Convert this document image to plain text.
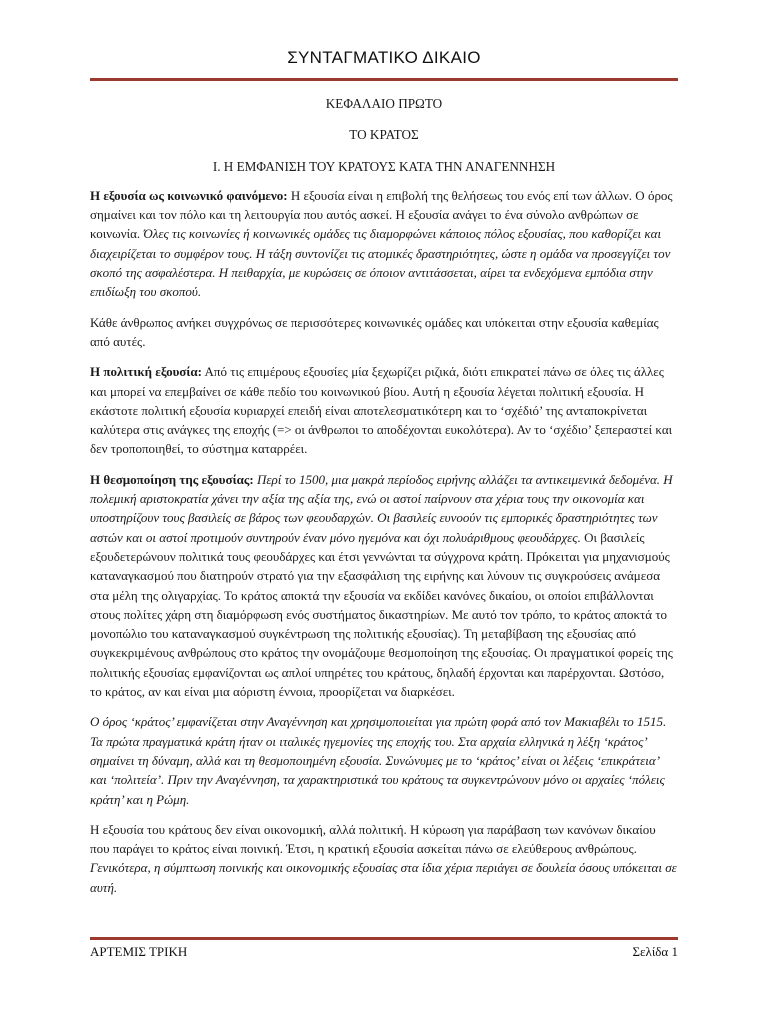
ΣΥΝΤΑΓΜΑΤΙΚΟ ΔΙΚΑΙΟ

ΚΕΦΑΛΑΙΟ ΠΡΩΤΟ

ΤΟ ΚΡΑΤΟΣ

Ι. Η ΕΜΦΑΝΙΣΗ ΤΟΥ ΚΡΑΤΟΥΣ ΚΑΤΑ ΤΗΝ ΑΝΑΓΕΝΝΗΣΗ

Η εξουσία ως κοινωνικό φαινόμενο: Η εξουσία είναι η επιβολή της θελήσεως του ενός επί των άλλων. Ο όρος σημαίνει και τον πόλο και τη λειτουργία που αυτός ασκεί. Η εξουσία ανάγει το ένα σύνολο ανθρώπων σε κοινωνία. Όλες τις κοινωνίες ή κοινωνικές ομάδες τις διαμορφώνει κάποιος πόλος εξουσίας, που καθορίζει και διαχειρίζεται το συμφέρον τους. Η τάξη συντονίζει τις ατομικές δραστηριότητες, ώστε η ομάδα να προσεγγίζει τον σκοπό της ασφαλέστερα. Η πειθαρχία, με κυρώσεις σε όποιον αντιτάσσεται, αίρει τα ενδεχόμενα εμπόδια στην επιδίωξη του σκοπού.

Κάθε άνθρωπος ανήκει συγχρόνως σε περισσότερες κοινωνικές ομάδες και υπόκειται στην εξουσία καθεμίας από αυτές.

Η πολιτική εξουσία: Από τις επιμέρους εξουσίες μία ξεχωρίζει ριζικά, διότι επικρατεί πάνω σε όλες τις άλλες και μπορεί να επεμβαίνει σε κάθε πεδίο του κοινωνικού βίου. Αυτή η εξουσία λέγεται πολιτική εξουσία. Η εκάστοτε πολιτική εξουσία κυριαρχεί επειδή είναι αποτελεσματικότερη και το ‘σχέδιό’ της ανταποκρίνεται καλύτερα στις ανάγκες της εποχής (=> οι άνθρωποι το αποδέχονται ευκολότερα). Αν το ‘σχέδιο’ ξεπεραστεί και δεν τροποποιηθεί, το σύστημα καταρρέει.

Η θεσμοποίηση της εξουσίας: Περί το 1500, μια μακρά περίοδος ειρήνης αλλάζει τα αντικειμενικά δεδομένα. Η πολεμική αριστοκρατία χάνει την αξία της αξία της, ενώ οι αστοί παίρνουν στα χέρια τους την οικονομία και υποστηρίζουν τους βασιλείς σε βάρος των φεουδαρχών. Οι βασιλείς ευνοούν τις εμπορικές δραστηριότητες των αστών και οι αστοί προτιμούν συντηρούν έναν μόνο ηγεμόνα και όχι πολυάριθμους φεουδάρχες. Οι βασιλείς εξουδετερώνουν πολιτικά τους φεουδάρχες και έτσι γεννώνται τα σύγχρονα κράτη. Πρόκειται για μηχανισμούς καταναγκασμού που διατηρούν στρατό για την εξασφάλιση της ειρήνης και λύνουν τις συγκρούσεις ανάμεσα στα μέλη της ολιγαρχίας. Το κράτος αποκτά την εξουσία να εκδίδει κανόνες δικαίου, οι οποίοι επιβάλλονται στους πολίτες χάρη στη διαμόρφωση ενός συστήματος δικαστηρίων. Με αυτό τον τρόπο, το κράτος αποκτά το μονοπώλιο του καταναγκασμού συγκέντρωση της πολιτικής εξουσίας). Τη μεταβίβαση της εξουσίας από συγκεκριμένους ανθρώπους στο κράτος την ονομάζουμε θεσμοποίηση της εξουσίας. Οι πραγματικοί φορείς της πολιτικής εξουσίας εμφανίζονται ως απλοί υπηρέτες του κράτους, δηλαδή έρχονται και παρέρχονται. Ωστόσο, το κράτος, αν και είναι μια αόριστη έννοια, προορίζεται να διαρκέσει.

Ο όρος ‘κράτος’ εμφανίζεται στην Αναγέννηση και χρησιμοποιείται για πρώτη φορά από τον Μακιαβέλι το 1515. Τα πρώτα πραγματικά κράτη ήταν οι ιταλικές ηγεμονίες της εποχής του. Στα αρχαία ελληνικά η λέξη ‘κράτος’ σημαίνει τη δύναμη, αλλά και τη θεσμοποιημένη εξουσία. Συνώνυμες με το ‘κράτος’ είναι οι λέξεις ‘επικράτεια’ και ‘πολιτεία’. Πριν την Αναγέννηση, τα χαρακτηριστικά του κράτους τα συγκεντρώνουν μόνο οι αρχαίες ‘πόλεις κράτη’ και η Ρώμη.

Η εξουσία του κράτους δεν είναι οικονομική, αλλά πολιτική. Η κύρωση για παράβαση των κανόνων δικαίου που παράγει το κράτος είναι ποινική. Έτσι, η κρατική εξουσία ασκείται πάνω σε ελεύθερους ανθρώπους. Γενικότερα, η σύμπτωση ποινικής και οικονομικής εξουσίας στα ίδια χέρια περιάγει σε δουλεία όσους υπόκειται σε αυτή.

ΑΡΤΕΜΙΣ ΤΡΙΚΗ	Σελίδα 1
